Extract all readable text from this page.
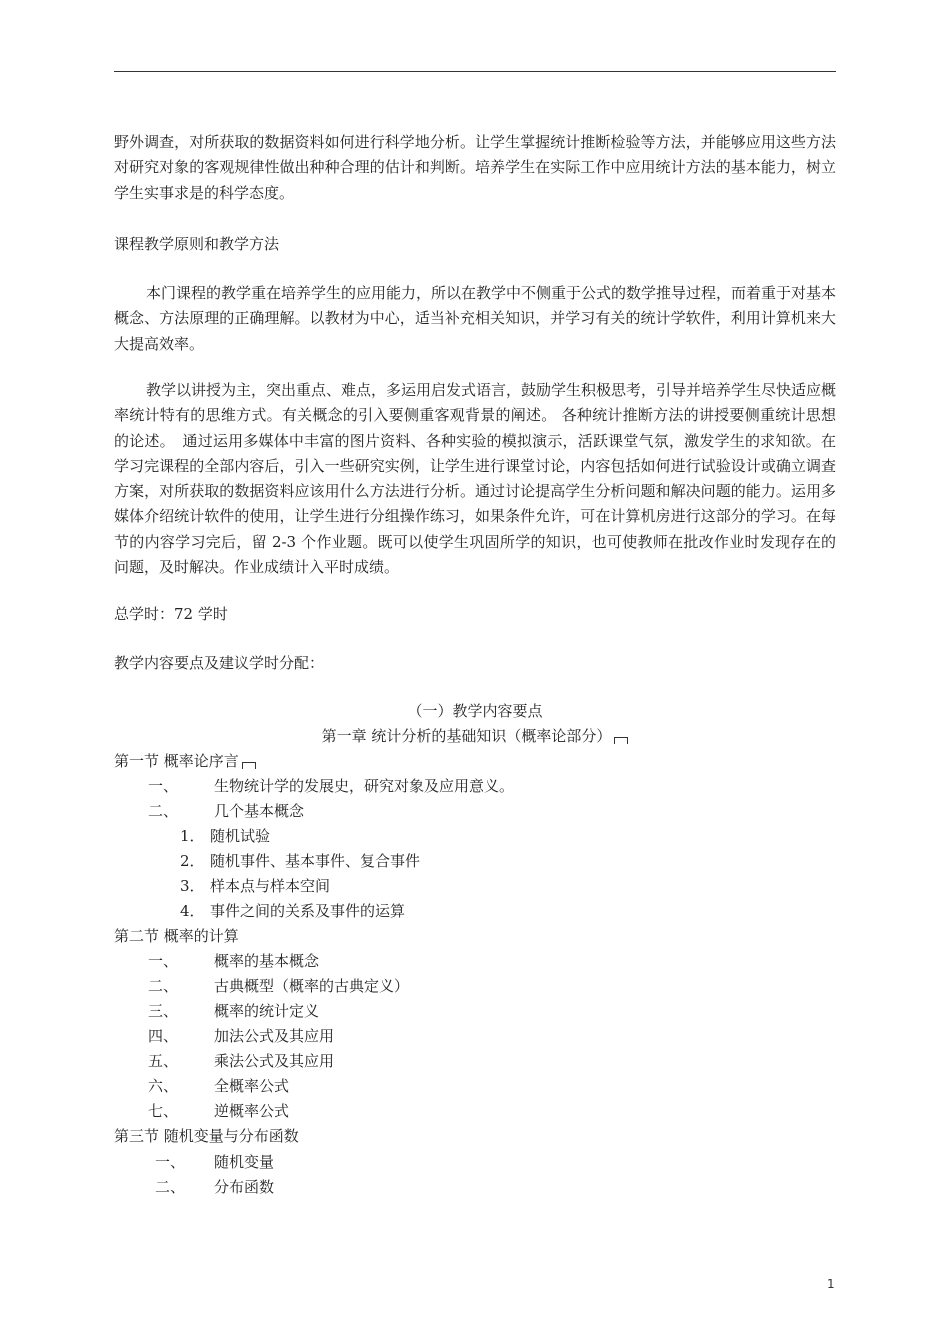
野外调查，对所获取的数据资料如何进行科学地分析。让学生掌握统计推断检验等方法，并能够应用这些方法对研究对象的客观规律性做出种种合理的估计和判断。培养学生在实际工作中应用统计方法的基本能力，树立学生实事求是的科学态度。

课程教学原则和教学方法

本门课程的教学重在培养学生的应用能力，所以在教学中不侧重于公式的数学推导过程，而着重于对基本概念、方法原理的正确理解。以教材为中心，适当补充相关知识，并学习有关的统计学软件，利用计算机来大大提高效率。

教学以讲授为主，突出重点、难点，多运用启发式语言，鼓励学生积极思考，引导并培养学生尽快适应概率统计特有的思维方式。有关概念的引入要侧重客观背景的阐述。 各种统计推断方法的讲授要侧重统计思想的论述。　通过运用多媒体中丰富的图片资料、各种实验的模拟演示，活跃课堂气氛，激发学生的求知欲。在学习完课程的全部内容后，引入一些研究实例，让学生进行课堂讨论，内容包括如何进行试验设计或确立调查方案，对所获取的数据资料应该用什么方法进行分析。通过讨论提高学生分析问题和解决问题的能力。运用多媒体介绍统计软件的使用，让学生进行分组操作练习，如果条件允许，可在计算机房进行这部分的学习。在每节的内容学习完后，留 2-3 个作业题。既可以使学生巩固所学的知识，也可使教师在批改作业时发现存在的问题，及时解决。作业成绩计入平时成绩。

总学时：72 学时

教学内容要点及建议学时分配：

（一）教学内容要点

第一章 统计分析的基础知识（概率论部分）

第一节 概率论序言

一、 生物统计学的发展史，研究对象及应用意义。

二、 几个基本概念

1． 随机试验

2． 随机事件、基本事件、复合事件

3． 样本点与样本空间

4． 事件之间的关系及事件的运算

第二节 概率的计算

一、 概率的基本概念

二、 古典概型（概率的古典定义）

三、 概率的统计定义

四、 加法公式及其应用

五、 乘法公式及其应用

六、 全概率公式

七、 逆概率公式

第三节 随机变量与分布函数

一、 随机变量

二、 分布函数

1
